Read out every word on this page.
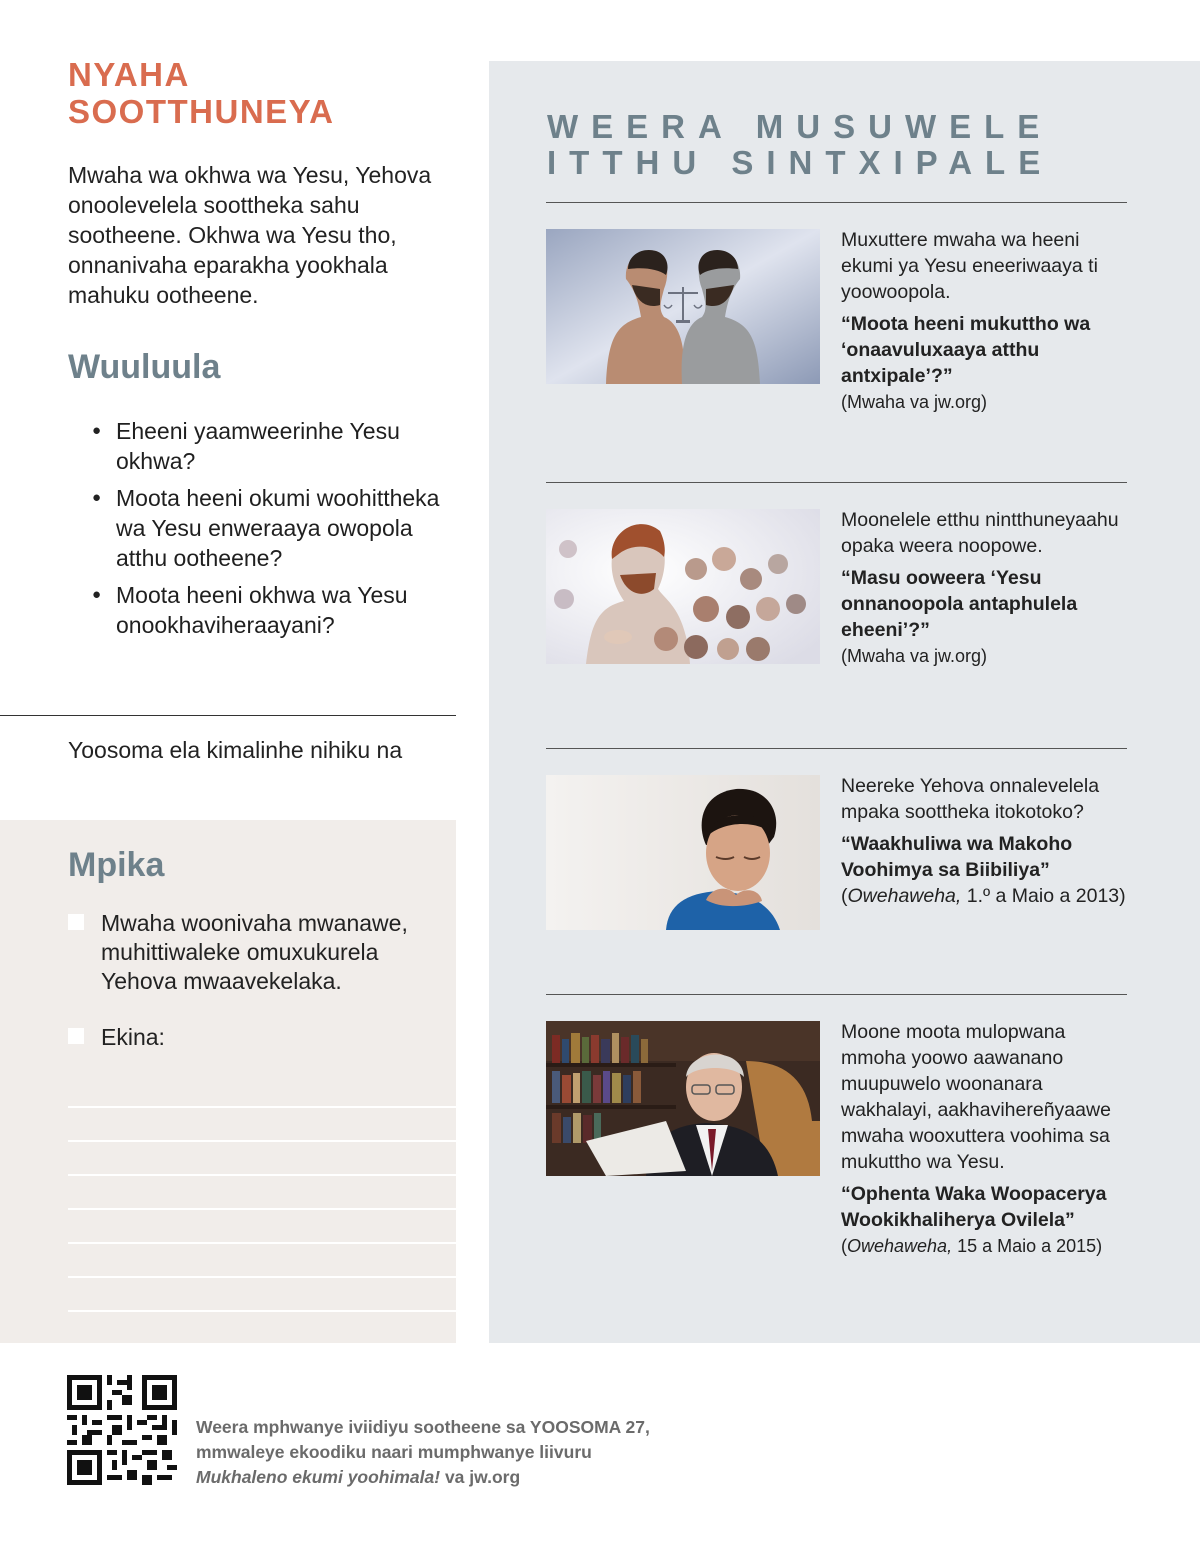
NYAHA
SOOTTHUNEYA

Mwaha wa okhwa wa Yesu, Yehova onoolevelela soottheka sahu sootheene. Okhwa wa Yesu tho, onnanivaha eparakha yookhala mahuku ootheene.

Wuuluula
● Eheeni yaamweerinhe Yesu okhwa?
● Moota heeni okumi woohittheka wa Yesu enweraaya owopola atthu ootheene?
● Moota heeni okhwa wa Yesu onookhaviheraayani?
Yoosoma ela kimalinhe nihiku na
Mpika
Mwaha woonivaha mwanawe, muhittiwaleke omuxukurela Yehova mwaavekelaka.
Ekina:
WEERA MUSUWELE
ITTHU SINTXIPALE
Muxuttere mwaha wa heeni ekumi ya Yesu eneeriwaaya ti yoowoopola.
“Moota heeni mukuttho wa ‘onaavuluxaaya atthu antxipale’?”
(Mwaha va jw.org)
Moonelele etthu nintthuneyaahu opaka weera noopowe.
“Masu ooweera ‘Yesu onnanoopola antaphulela eheeni’?”
(Mwaha va jw.org)
Neereke Yehova onnalevelela mpaka soottheka itokotoko?
“Waakhuliwa wa Makoho Voohimya sa Biibiliya” (Owehaweha, 1.º a Maio a 2013)
Moone moota mulopwana mmoha yoowo aawanano muupuwelo woonanara wakhalayi, aakhavihereñyaawe mwaha wooxuttera voohima sa mukuttho wa Yesu.
“Ophenta Waka Woopacerya Wookikhaliherya Ovilela”
(Owehaweha, 15 a Maio a 2015)
Weera mphwanye iviidiyu sootheene sa YOOSOMA 27,
mmwaleye ekoodiku naari mumphwanye liivuru
Mukhaleno ekumi yoohimala! va jw.org
